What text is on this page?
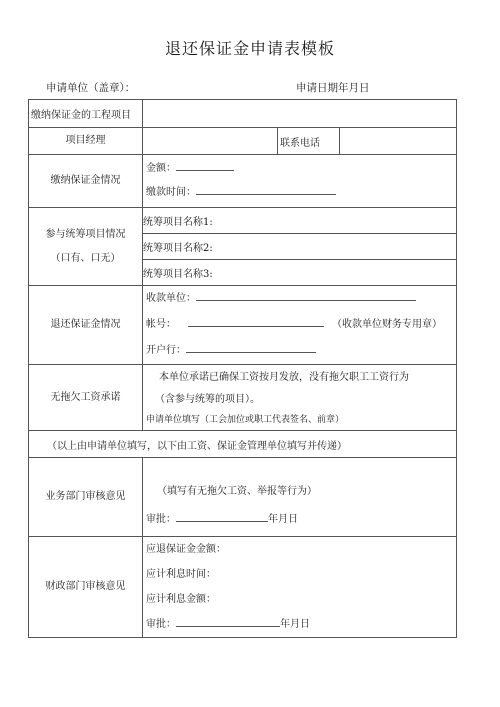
退还保证金申请表模板
申请单位（盖章）：	申请日期年月日
缴纳保证金的工程项目			
项目经理		联系电话	
缴纳保证金情况	金额：
缴款时间：		

参与统筹项目情况
（口有、口无）	统筹项目名称1:		
	统筹项目名称2:		
	统筹项目名称3:		
退还保证金情况	收款单位：
帐号： （收款单位财务专用章）
开户行：		

无拖欠工资承诺	本单位承诺已确保工资按月发放，没有拖欠职工工资行为
（含参与统筹的项目）。
申请单位填写（工会加位或职工代表签名、前章）		

（以上由申请单位填写，以下由工资、保证金管理单位填写并传递）			
业务部门审核意见	（填写有无拖欠工资、举报等行为）
审批： 年月日		

财政部门审核意见	应退保证金金额：
应计利息时间：
应计利息金额：
审批： 年月日		
